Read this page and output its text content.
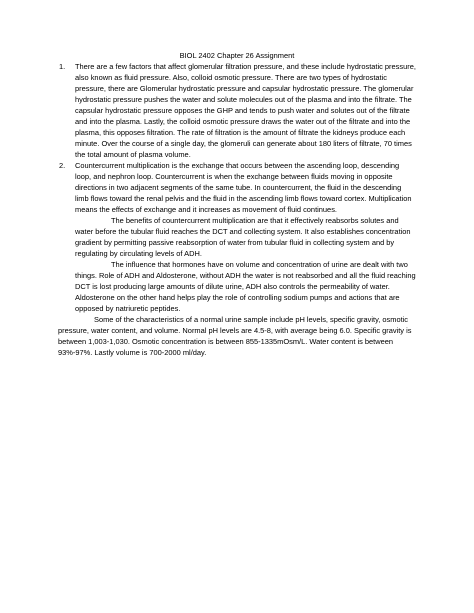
BIOL 2402 Chapter 26 Assignment

1. There are a few factors that affect glomerular filtration pressure, and these include hydrostatic pressure, also known as fluid pressure. Also, colloid osmotic pressure. There are two types of hydrostatic pressure, there are Glomerular hydrostatic pressure and capsular hydrostatic pressure. The glomerular hydrostatic pressure pushes the water and solute molecules out of the plasma and into the filtrate. The capsular hydrostatic pressure opposes the GHP and tends to push water and solutes out of the filtrate and into the plasma. Lastly, the colloid osmotic pressure draws the water out of the filtrate and into the plasma, this opposes filtration. The rate of filtration is the amount of filtrate the kidneys produce each minute. Over the course of a single day, the glomeruli can generate about 180 liters of filtrate, 70 times the total amount of plasma volume.

2. Countercurrent multiplication is the exchange that occurs between the ascending loop, descending loop, and nephron loop. Countercurrent is when the exchange between fluids moving in opposite directions in two adjacent segments of the same tube. In countercurrent, the fluid in the descending limb flows toward the renal pelvis and the fluid in the ascending limb flows toward cortex. Multiplication means the effects of exchange and it increases as movement of fluid continues.

The benefits of countercurrent multiplication are that it effectively reabsorbs solutes and water before the tubular fluid reaches the DCT and collecting system. It also establishes concentration gradient by permitting passive reabsorption of water from tubular fluid in collecting system and by regulating by circulating levels of ADH.

The influence that hormones have on volume and concentration of urine are dealt with two things. Role of ADH and Aldosterone, without ADH the water is not reabsorbed and all the fluid reaching DCT is lost producing large amounts of dilute urine, ADH also controls the permeability of water. Aldosterone on the other hand helps play the role of controlling sodium pumps and actions that are opposed by natriuretic peptides.

Some of the characteristics of a normal urine sample include pH levels, specific gravity, osmotic pressure, water content, and volume. Normal pH levels are 4.5-8, with average being 6.0. Specific gravity is between 1,003-1,030. Osmotic concentration is between 855-1335mOsm/L. Water content is between 93%-97%. Lastly volume is 700-2000 ml/day.
